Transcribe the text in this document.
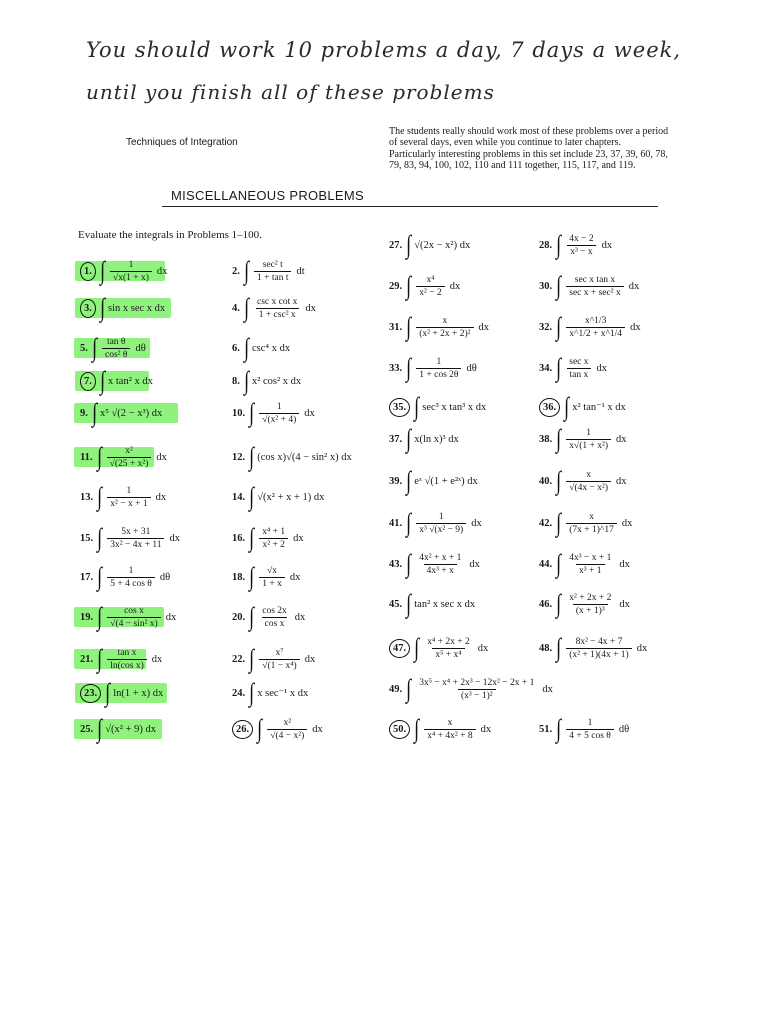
You should work 10 problems a day, 7 days a week,
until you finish all of these problems
Techniques of Integration
The students really should work most of these problems over a period of several days, even while you continue to later chapters. Particularly interesting problems in this set include 23, 37, 39, 60, 78, 79, 83, 94, 100, 102, 110 and 111 together, 115, 117, and 119.
MISCELLANEOUS PROBLEMS
Evaluate the integrals in Problems 1–100.
1. ∫ $\frac{1}{√x(1 + x)}$ dx	2. ∫ $\frac{\text{sec² t}}{\text{1 + tan t}}$ dt
3. ∫ sin x sec x dx	4. ∫ $\frac{\text{csc x cot x}}{\text{1 + csc² x}}$ dx
5. ∫ $\frac{\text{tan θ}}{\text{cos² θ}}$ dθ	6. ∫ csc⁴ x dx
7. ∫ x tan² x dx	8. ∫ x² cos² x dx
9. ∫ x⁵ √(2 − x³) dx	10. ∫ $\frac{1}{\text{√(x² + 4)}}$ dx
11. ∫ $\frac{\text{x²}}{\text{√(25 + x²)}}$ dx	12. ∫ (cos x)√(4 − sin² x) dx
13. ∫ $\frac{1}{\text{x² − x + 1}}$ dx	14. ∫ √(x² + x + 1) dx
15. ∫ $\frac{5x + 31}{\text{3x² − 4x + 11}}$ dx	16. ∫ $\frac{\text{x⁴ + 1}}{\text{x² + 2}}$ dx
17. ∫ $\frac{1}{\text{5 + 4 cos θ}}$ dθ	18. ∫ $\frac{√x}{1 + x}$ dx
19. ∫ $\frac{\text{cos x}}{\text{√(4 − sin² x)}}$ dx	20. ∫ $\frac{\cos 2x}{\text{cos x}}$ dx
21. ∫ $\frac{\text{tan x}}{\text{ln(cos x)}}$ dx	22. ∫ $\frac{\text{x⁷}}{\text{√(1 − x⁴)}}$ dx
23. ∫ ln(1 + x) dx	24. ∫ x sec⁻¹ x dx
25. ∫ √(x² + 9) dx	26. ∫ $\frac{\text{x²}}{\text{√(4 − x²)}}$ dx
27. ∫ √(2x − x²) dx	28. ∫ $\frac{4x - 2}{\text{x³ − x}}$ dx
29. ∫ $\frac{\text{x⁴}}{\text{x² − 2}}$ dx	30. ∫ $\frac{\text{sec x tan x}}{\text{sec x + sec² x}}$ dx
31. ∫ $\frac{x}{\text{(x² + 2x + 2)²}}$ dx	32. ∫ $\frac{x\^{}1/3}{x\^{}1/2 + x\^{}1/4}$ dx
33. ∫ $\frac{1}{1 + \cos 2\theta}$ dθ	34. ∫ $\frac{\text{sec x}}{\text{tan x}}$ dx
35. ∫ sec³ x tan³ x dx	36. ∫ x² tan⁻¹ x dx
37. ∫ x(ln x)³ dx	38. ∫ $\frac{1}{\text{x√(1 + x²)}}$ dx
39. ∫ eˣ √(1 + e²ˣ) dx	40. ∫ $\frac{x}{\text{√(4x − x²)}}$ dx
41. ∫ $\frac{1}{\text{x³ √(x² − 9)}}$ dx	42. ∫ $\frac{x}{(7x + 1)\^{}17}$ dx
43. ∫ $\frac{\text{4x² + x + 1}}{\text{4x³ + x}}$ dx	44. ∫ $\frac{\text{4x³ − x + 1}}{\text{x³ + 1}}$ dx
45. ∫ tan² x sec x dx	46. ∫ $\frac{\text{x² + 2x + 2}}{\text{(x + 1)³}}$ dx
47. ∫ $\frac{\text{x⁴ + 2x + 2}}{\text{x⁵ + x⁴}}$ dx	48. ∫ $\frac{\text{8x² − 4x + 7}}{\text{(x² + 1)(4x + 1)}}$ dx
49. ∫ $\frac{\text{3x⁵ − x⁴ + 2x³ − 12x² − 2x + 1}}{\text{(x³ − 1)²}}$ dx
50. ∫ $\frac{x}{\text{x⁴ + 4x² + 8}}$ dx	51. ∫ $\frac{1}{\text{4 + 5 cos θ}}$ dθ
